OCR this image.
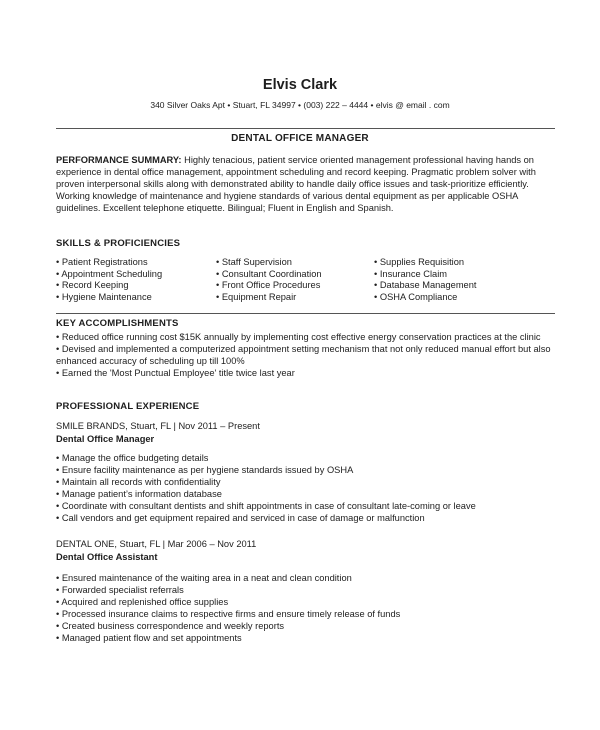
Elvis Clark
340 Silver Oaks Apt • Stuart, FL 34997 • (003) 222 – 4444 • elvis @ email . com
DENTAL OFFICE MANAGER
PERFORMANCE SUMMARY: Highly tenacious, patient service oriented management professional having hands on experience in dental office management, appointment scheduling and record keeping. Pragmatic problem solver with proven interpersonal skills along with demonstrated ability to handle daily office issues and task-prioritize efficiently. Working knowledge of maintenance and hygiene standards of various dental equipment as per applicable OSHA guidelines. Excellent telephone etiquette. Bilingual; Fluent in English and Spanish.
SKILLS & PROFICIENCIES
• Patient Registrations
• Appointment Scheduling
• Record Keeping
• Hygiene Maintenance
• Staff Supervision
• Consultant Coordination
• Front Office Procedures
• Equipment Repair
• Supplies Requisition
• Insurance Claim
• Database Management
• OSHA Compliance
KEY ACCOMPLISHMENTS
• Reduced office running cost $15K annually by implementing cost effective energy conservation practices at the clinic
• Devised and implemented a computerized appointment setting mechanism that not only reduced manual effort but also enhanced accuracy of scheduling up till 100%
• Earned the 'Most Punctual Employee' title twice last year
PROFESSIONAL EXPERIENCE
SMILE BRANDS, Stuart, FL | Nov 2011 – Present
Dental Office Manager
• Manage the office budgeting details
• Ensure facility maintenance as per hygiene standards issued by OSHA
• Maintain all records with confidentiality
• Manage patient’s information database
• Coordinate with consultant dentists and shift appointments in case of consultant late-coming or leave
• Call vendors and get equipment repaired and serviced in case of damage or malfunction
DENTAL ONE, Stuart, FL | Mar 2006 – Nov 2011
Dental Office Assistant
• Ensured maintenance of the waiting area in a neat and clean condition
• Forwarded specialist referrals
• Acquired and replenished office supplies
• Processed insurance claims to respective firms and ensure timely release of funds
• Created business correspondence and weekly reports
• Managed patient flow and set appointments
